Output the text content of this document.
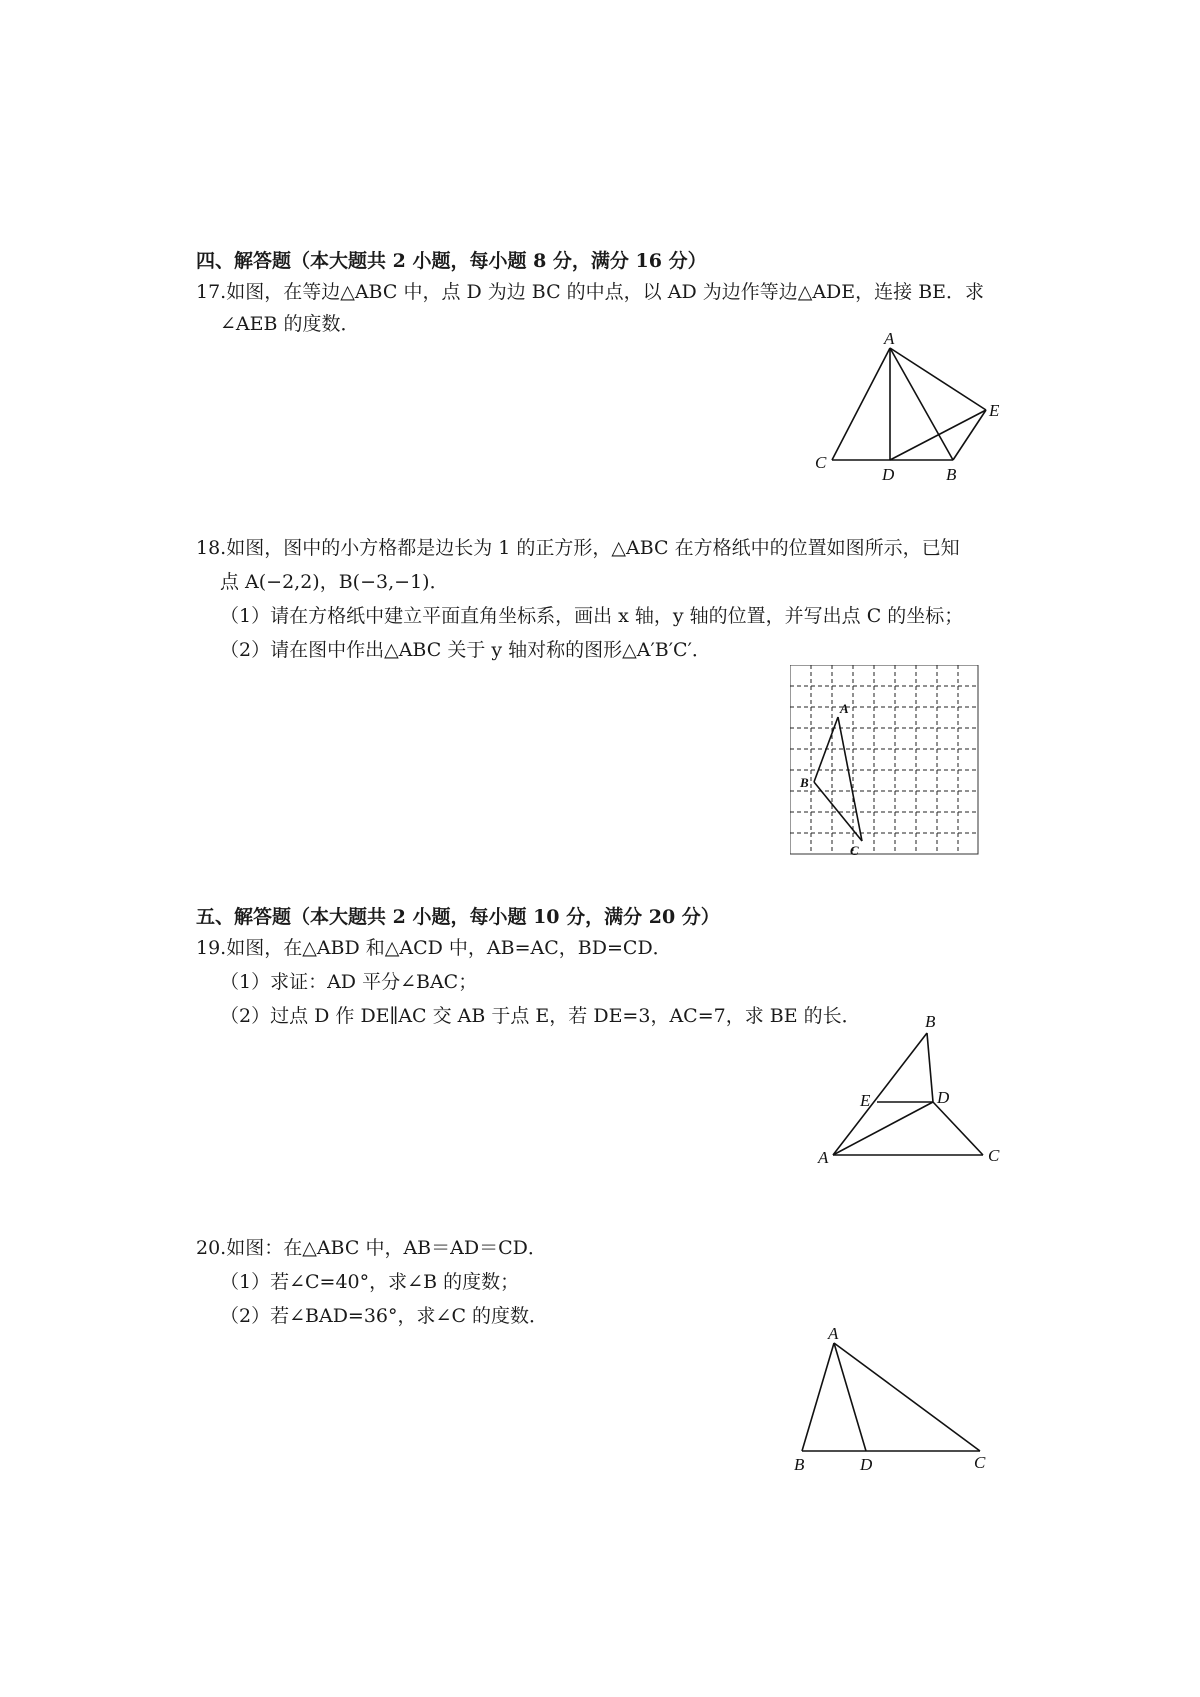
四、解答题（本大题共 2 小题，每小题 8 分，满分 16 分）
17.如图，在等边△ABC 中，点 D 为边 BC 的中点，以 AD 为边作等边△ADE，连接 BE．求
∠AEB 的度数．
A
C
D	B
E
18.如图，图中的小方格都是边长为 1 的正方形，△ABC 在方格纸中的位置如图所示，已知
点 A(−2,2)，B(−3,−1)．
（1）请在方格纸中建立平面直角坐标系，画出 x 轴，y 轴的位置，并写出点 C 的坐标；
（2）请在图中作出△ABC 关于 y 轴对称的图形△A′B′C′．
A
B
C
五、解答题（本大题共 2 小题，每小题 10 分，满分 20 分）
19.如图，在△ABD 和△ACD 中，AB=AC，BD=CD．
（1）求证：AD 平分∠BAC；
（2）过点 D 作 DE∥AC 交 AB 于点 E，若 DE=3，AC=7，求 BE 的长．	B
E	D
A	C
20.如图：在△ABC 中，AB＝AD＝CD．
（1）若∠C=40°，求∠B 的度数；
（2）若∠BAD=36°，求∠C 的度数．
A
B	D	C
